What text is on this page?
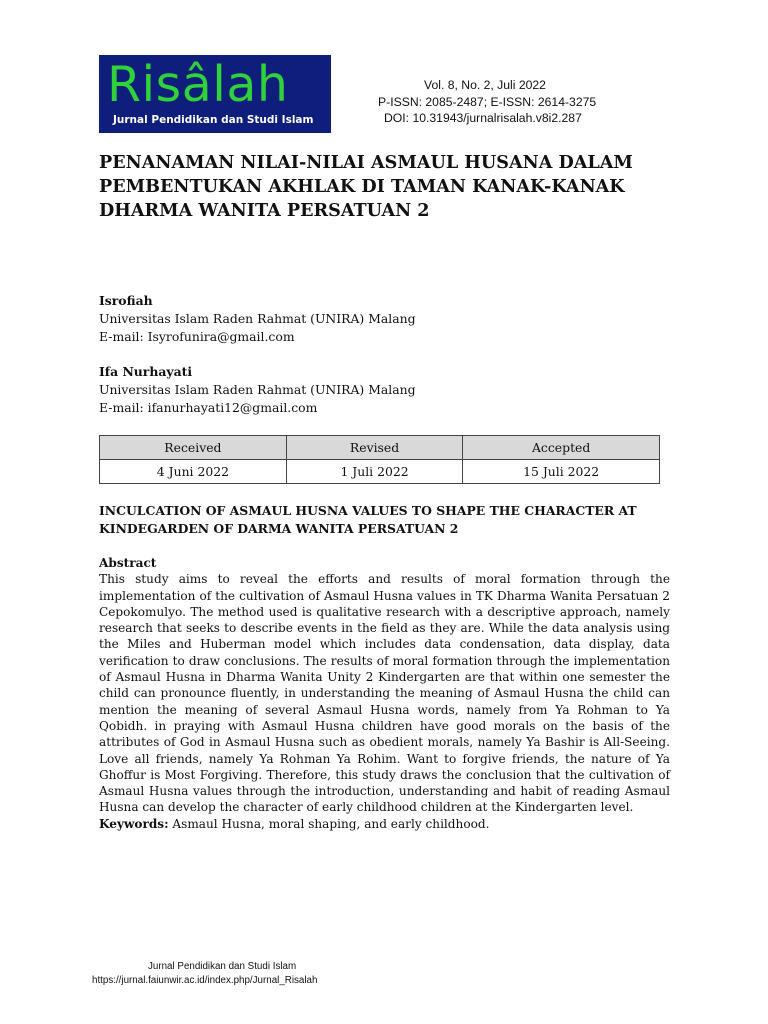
Risâlah
Jurnal Pendidikan dan Studi Islam
Vol. 8, No. 2, Juli 2022
P-ISSN: 2085-2487; E-ISSN: 2614-3275
DOI: 10.31943/jurnalrisalah.v8i2.287
PENANAMAN NILAI-NILAI ASMAUL HUSANA DALAM PEMBENTUKAN AKHLAK DI TAMAN KANAK-KANAK DHARMA WANITA PERSATUAN 2
Isrofiah
Universitas Islam Raden Rahmat (UNIRA) Malang
E-mail: Isyrofunira@gmail.com
Ifa Nurhayati
Universitas Islam Raden Rahmat (UNIRA) Malang
E-mail: ifanurhayati12@gmail.com
Received	Revised	Accepted
4 Juni 2022	1 Juli 2022	15 Juli 2022
INCULCATION OF ASMAUL HUSNA VALUES TO SHAPE THE CHARACTER AT KINDEGARDEN OF DARMA WANITA PERSATUAN 2
Abstract
This study aims to reveal the efforts and results of moral formation through the implementation of the cultivation of Asmaul Husna values in TK Dharma Wanita Persatuan 2 Cepokomulyo. The method used is qualitative research with a descriptive approach, namely research that seeks to describe events in the field as they are. While the data analysis using the Miles and Huberman model which includes data condensation, data display, data verification to draw conclusions. The results of moral formation through the implementation of Asmaul Husna in Dharma Wanita Unity 2 Kindergarten are that within one semester the child can pronounce fluently, in understanding the meaning of Asmaul Husna the child can mention the meaning of several Asmaul Husna words, namely from Ya Rohman to Ya Qobidh. in praying with Asmaul Husna children have good morals on the basis of the attributes of God in Asmaul Husna such as obedient morals, namely Ya Bashir is All-Seeing. Love all friends, namely Ya Rohman Ya Rohim. Want to forgive friends, the nature of Ya Ghoffur is Most Forgiving. Therefore, this study draws the conclusion that the cultivation of Asmaul Husna values through the introduction, understanding and habit of reading Asmaul Husna can develop the character of early childhood children at the Kindergarten level.
Keywords: Asmaul Husna, moral shaping, and early childhood.
Jurnal Pendidikan dan Studi Islam
https://jurnal.faiunwir.ac.id/index.php/Jurnal_Risalah
